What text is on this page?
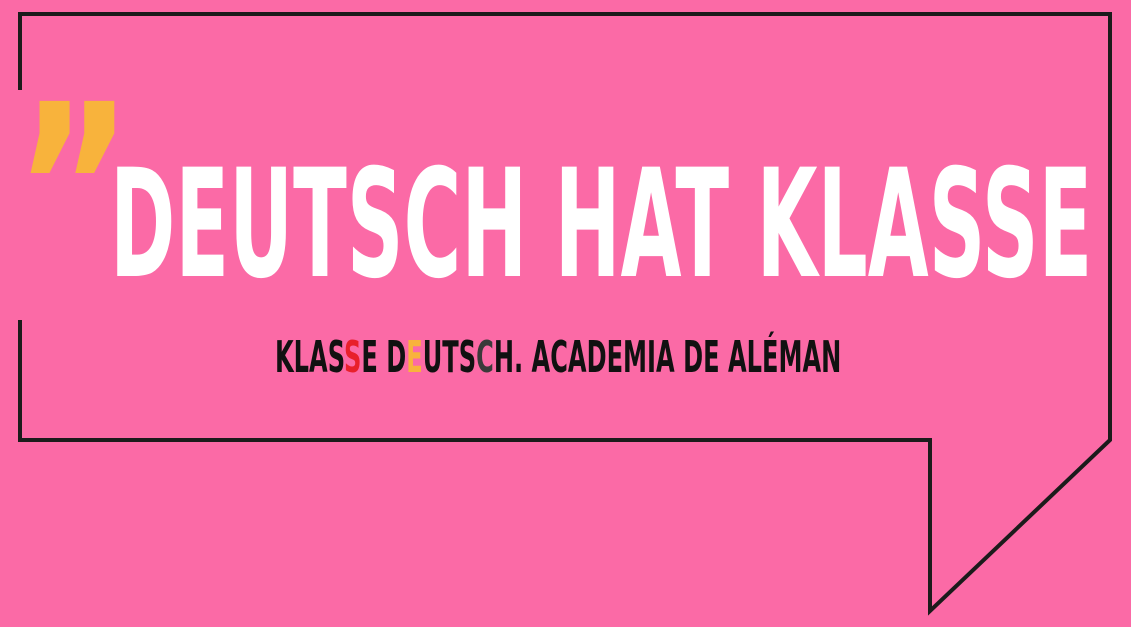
”
DEUTSCH HAT KLASSE
KLASSE DEUTSCH. ACADEMIA DE ALÉMAN
